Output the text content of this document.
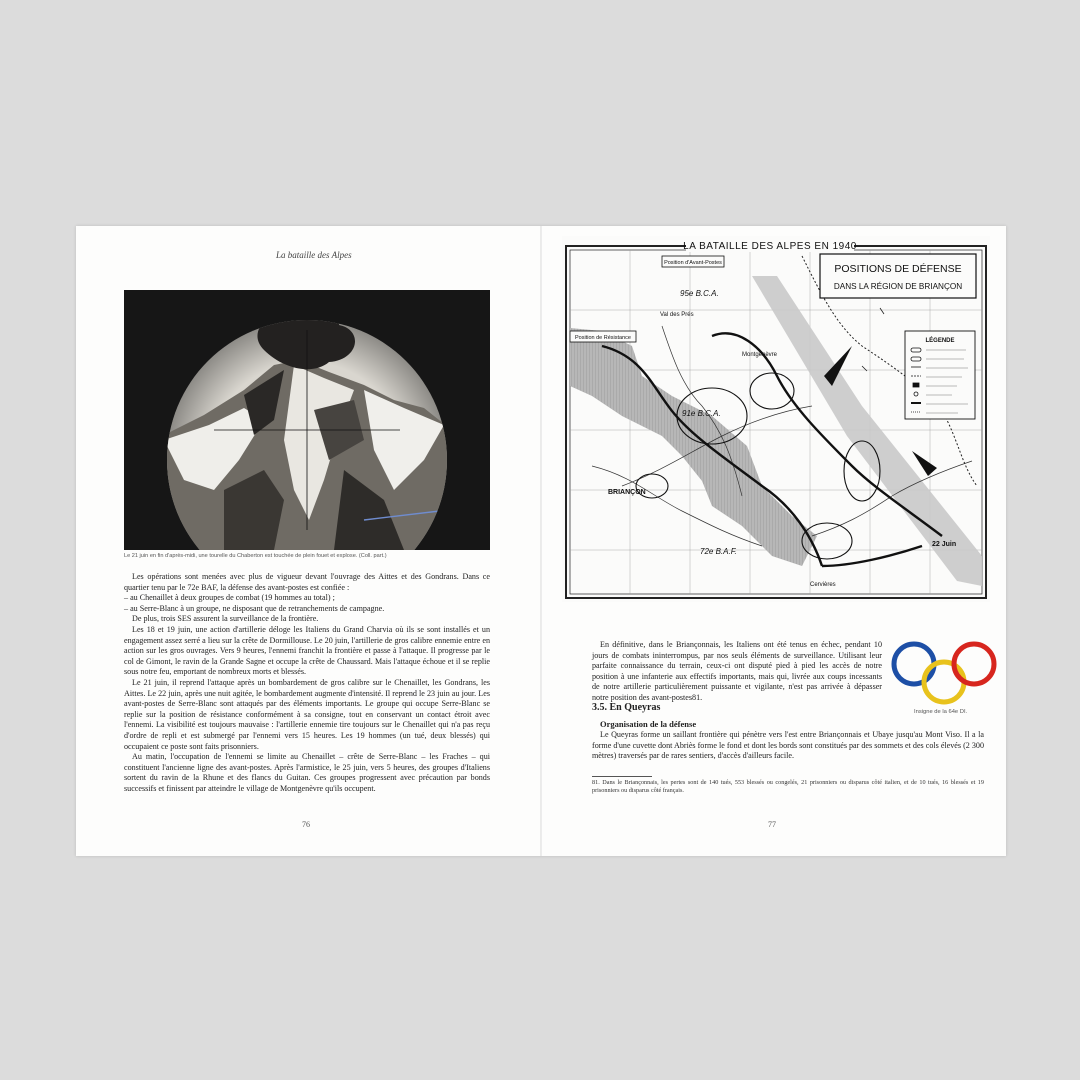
La bataille des Alpes
Le 21 juin en fin d'après-midi, une tourelle du Chaberton est touchée de plein fouet et explose. (Coll. part.)

Les opérations sont menées avec plus de vigueur devant l'ouvrage des Aittes et des Gondrans. Dans ce quartier tenu par le 72e BAF, la défense des avant-postes est confiée :

– au Chenaillet à deux groupes de combat (19 hommes au total) ;

– au Serre-Blanc à un groupe, ne disposant que de retranchements de campagne.

De plus, trois SES assurent la surveillance de la frontière.

Les 18 et 19 juin, une action d'artillerie déloge les Italiens du Grand Charvia où ils se sont installés et un engagement assez serré a lieu sur la crête de Dormillouse. Le 20 juin, l'artillerie de gros calibre ennemie entre en action sur les gros ouvrages. Vers 9 heures, l'ennemi franchit la frontière et passe à l'attaque. Il progresse par le col de Gimont, le ravin de la Grande Sagne et occupe la crête de Chaussard. Mais l'attaque échoue et il se replie sous notre feu, emportant de nombreux morts et blessés.

Le 21 juin, il reprend l'attaque après un bombardement de gros calibre sur le Chenaillet, les Gondrans, les Aittes. Le 22 juin, après une nuit agitée, le bombardement augmente d'intensité. Il reprend le 23 juin au jour. Les avant-postes de Serre-Blanc sont attaqués par des éléments importants. Le groupe qui occupe Serre-Blanc se replie sur la position de résistance conformément à sa consigne, tout en conservant un contact étroit avec l'ennemi. La visibilité est toujours mauvaise : l'artillerie ennemie tire toujours sur le Chenaillet qui n'a pas reçu d'ordre de repli et est submergé par l'ennemi vers 15 heures. Les 19 hommes (un tué, deux blessés) qui occupaient ce poste sont faits prisonniers.

Au matin, l'occupation de l'ennemi se limite au Chenaillet – crête de Serre-Blanc – les Fraches – qui constituent l'ancienne ligne des avant-postes. Après l'armistice, le 25 juin, vers 5 heures, des groupes d'Italiens sortent du ravin de la Rhune et des flancs du Guitan. Ces groupes progressent avec précaution par bonds successifs et finissent par atteindre le village de Montgenèvre qu'ils occupent.

76
LA BATAILLE DES ALPES EN 1940
POSITIONS DE DÉFENSE
DANS LA RÉGION DE BRIANÇON
LÉGENDE
Position d'Avant-Postes
Position de Résistance
95e B.C.A.
91e B.C.A.
72e B.A.F.
22 Juin
BRIANÇON
Montgenèvre
Val des Prés
Cervières

En définitive, dans le Briançonnais, les Italiens ont été tenus en échec, pendant 10 jours de combats ininterrompus, par nos seuls éléments de surveillance. Utilisant leur parfaite connaissance du terrain, ceux-ci ont disputé pied à pied les accès de notre position à une infanterie aux effectifs importants, mais qui, livrée aux coups incessants de notre artillerie particulièrement puissante et vigilante, n'est pas arrivée à dépasser notre position des avant-postes81.

Insigne de la 64e DI.
3.5. En Queyras
Organisation de la défense

Le Queyras forme un saillant frontière qui pénètre vers l'est entre Briançonnais et Ubaye jusqu'au Mont Viso. Il a la forme d'une cuvette dont Abriès forme le fond et dont les bords sont constitués par des sommets et des cols élevés (2 300 mètres) traversés par de rares sentiers, d'accès d'ailleurs facile.

81. Dans le Briançonnais, les pertes sont de 140 tués, 553 blessés ou congelés, 21 prisonniers ou disparus côté italien, et de 10 tués, 16 blessés et 19 prisonniers ou disparus côté français.
77
